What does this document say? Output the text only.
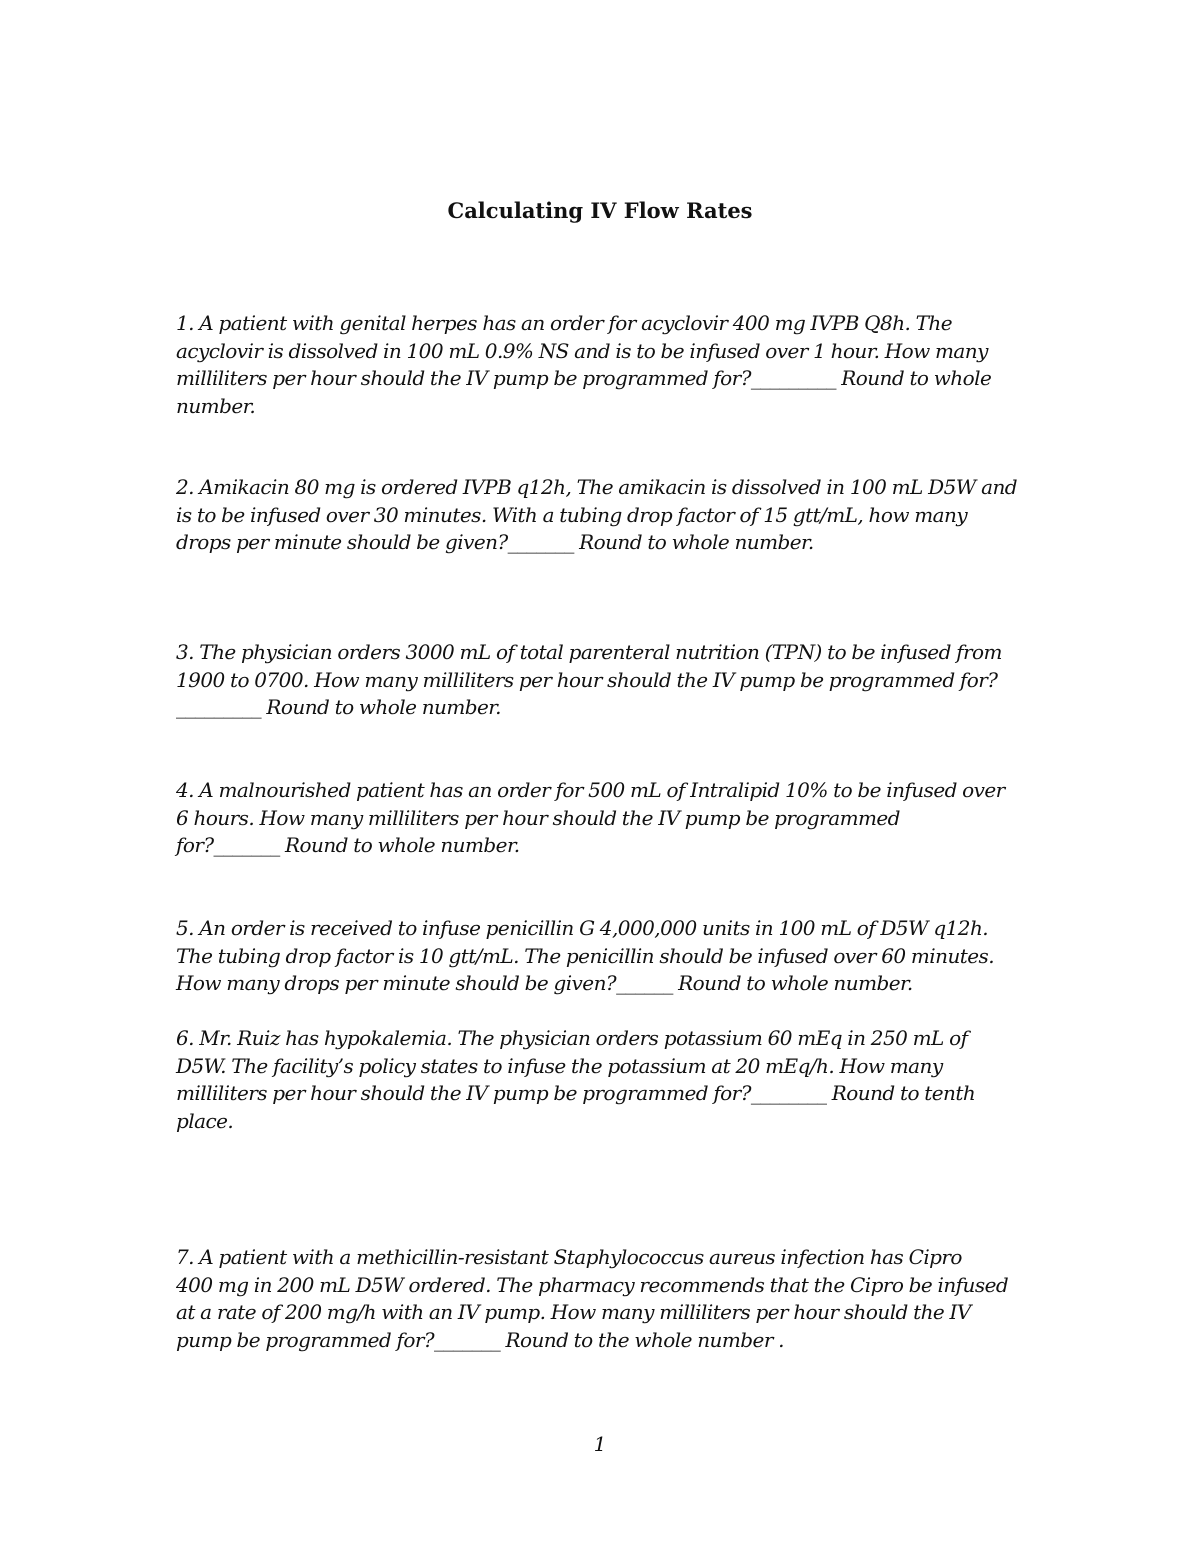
Calculating IV Flow Rates

1. A patient with genital herpes has an order for acyclovir 400 mg IVPB Q8h. The
acyclovir is dissolved in 100 mL 0.9% NS and is to be infused over 1 hour. How many
milliliters per hour should the IV pump be programmed for?_________ Round to whole
number.

2. Amikacin 80 mg is ordered IVPB q12h, The amikacin is dissolved in 100 mL D5W and
is to be infused over 30 minutes. With a tubing drop factor of 15 gtt/mL, how many
drops per minute should be given?_______ Round to whole number.

3. The physician orders 3000 mL of total parenteral nutrition (TPN) to be infused from
1900 to 0700. How many milliliters per hour should the IV pump be programmed for?
_________ Round to whole number.

4. A malnourished patient has an order for 500 mL of Intralipid 10% to be infused over
6 hours. How many milliliters per hour should the IV pump be programmed
for?_______ Round to whole number.

5. An order is received to infuse penicillin G 4,000,000 units in 100 mL of D5W q12h.
The tubing drop factor is 10 gtt/mL. The penicillin should be infused over 60 minutes.
How many drops per minute should be given?______ Round to whole number.

6. Mr. Ruiz has hypokalemia. The physician orders potassium 60 mEq in 250 mL of
D5W. The facility’s policy states to infuse the potassium at 20 mEq/h. How many
milliliters per hour should the IV pump be programmed for?________ Round to tenth
place.

7. A patient with a methicillin-resistant Staphylococcus aureus infection has Cipro
400 mg in 200 mL D5W ordered. The pharmacy recommends that the Cipro be infused
at a rate of 200 mg/h with an IV pump. How many milliliters per hour should the IV
pump be programmed for?_______ Round to the whole number .

1
